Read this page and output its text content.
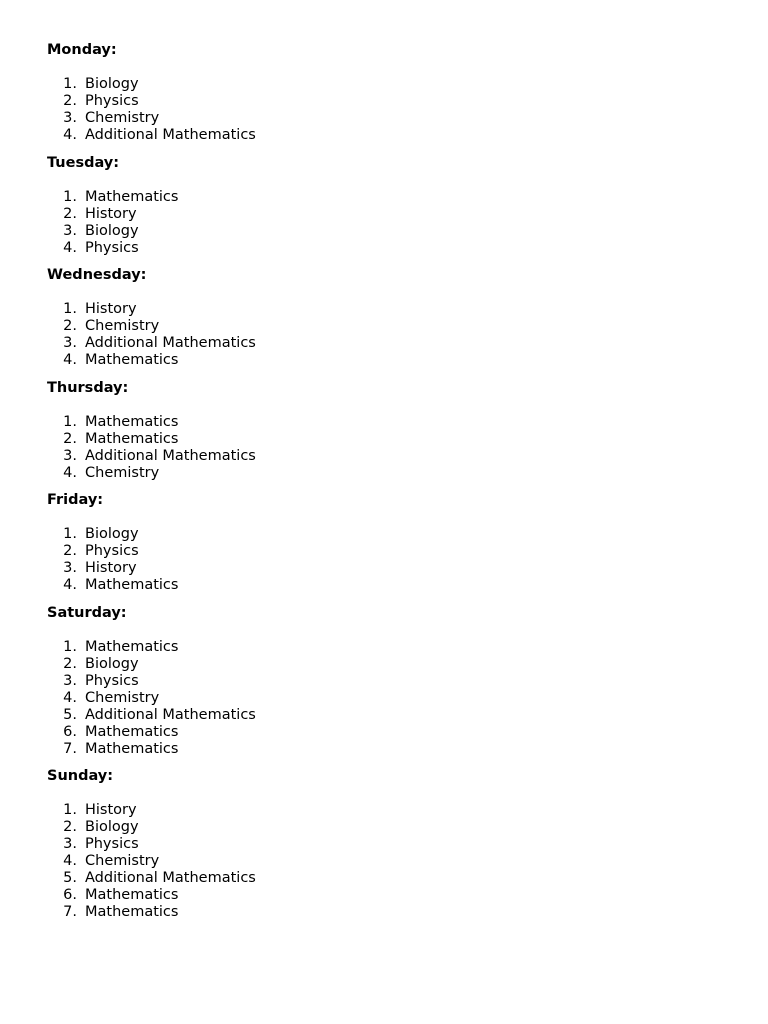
Monday:
1. Biology
2. Physics
3. Chemistry
4. Additional Mathematics
Tuesday:
1. Mathematics
2. History
3. Biology
4. Physics
Wednesday:
1. History
2. Chemistry
3. Additional Mathematics
4. Mathematics
Thursday:
1. Mathematics
2. Mathematics
3. Additional Mathematics
4. Chemistry
Friday:
1. Biology
2. Physics
3. History
4. Mathematics
Saturday:
1. Mathematics
2. Biology
3. Physics
4. Chemistry
5. Additional Mathematics
6. Mathematics
7. Mathematics
Sunday:
1. History
2. Biology
3. Physics
4. Chemistry
5. Additional Mathematics
6. Mathematics
7. Mathematics
